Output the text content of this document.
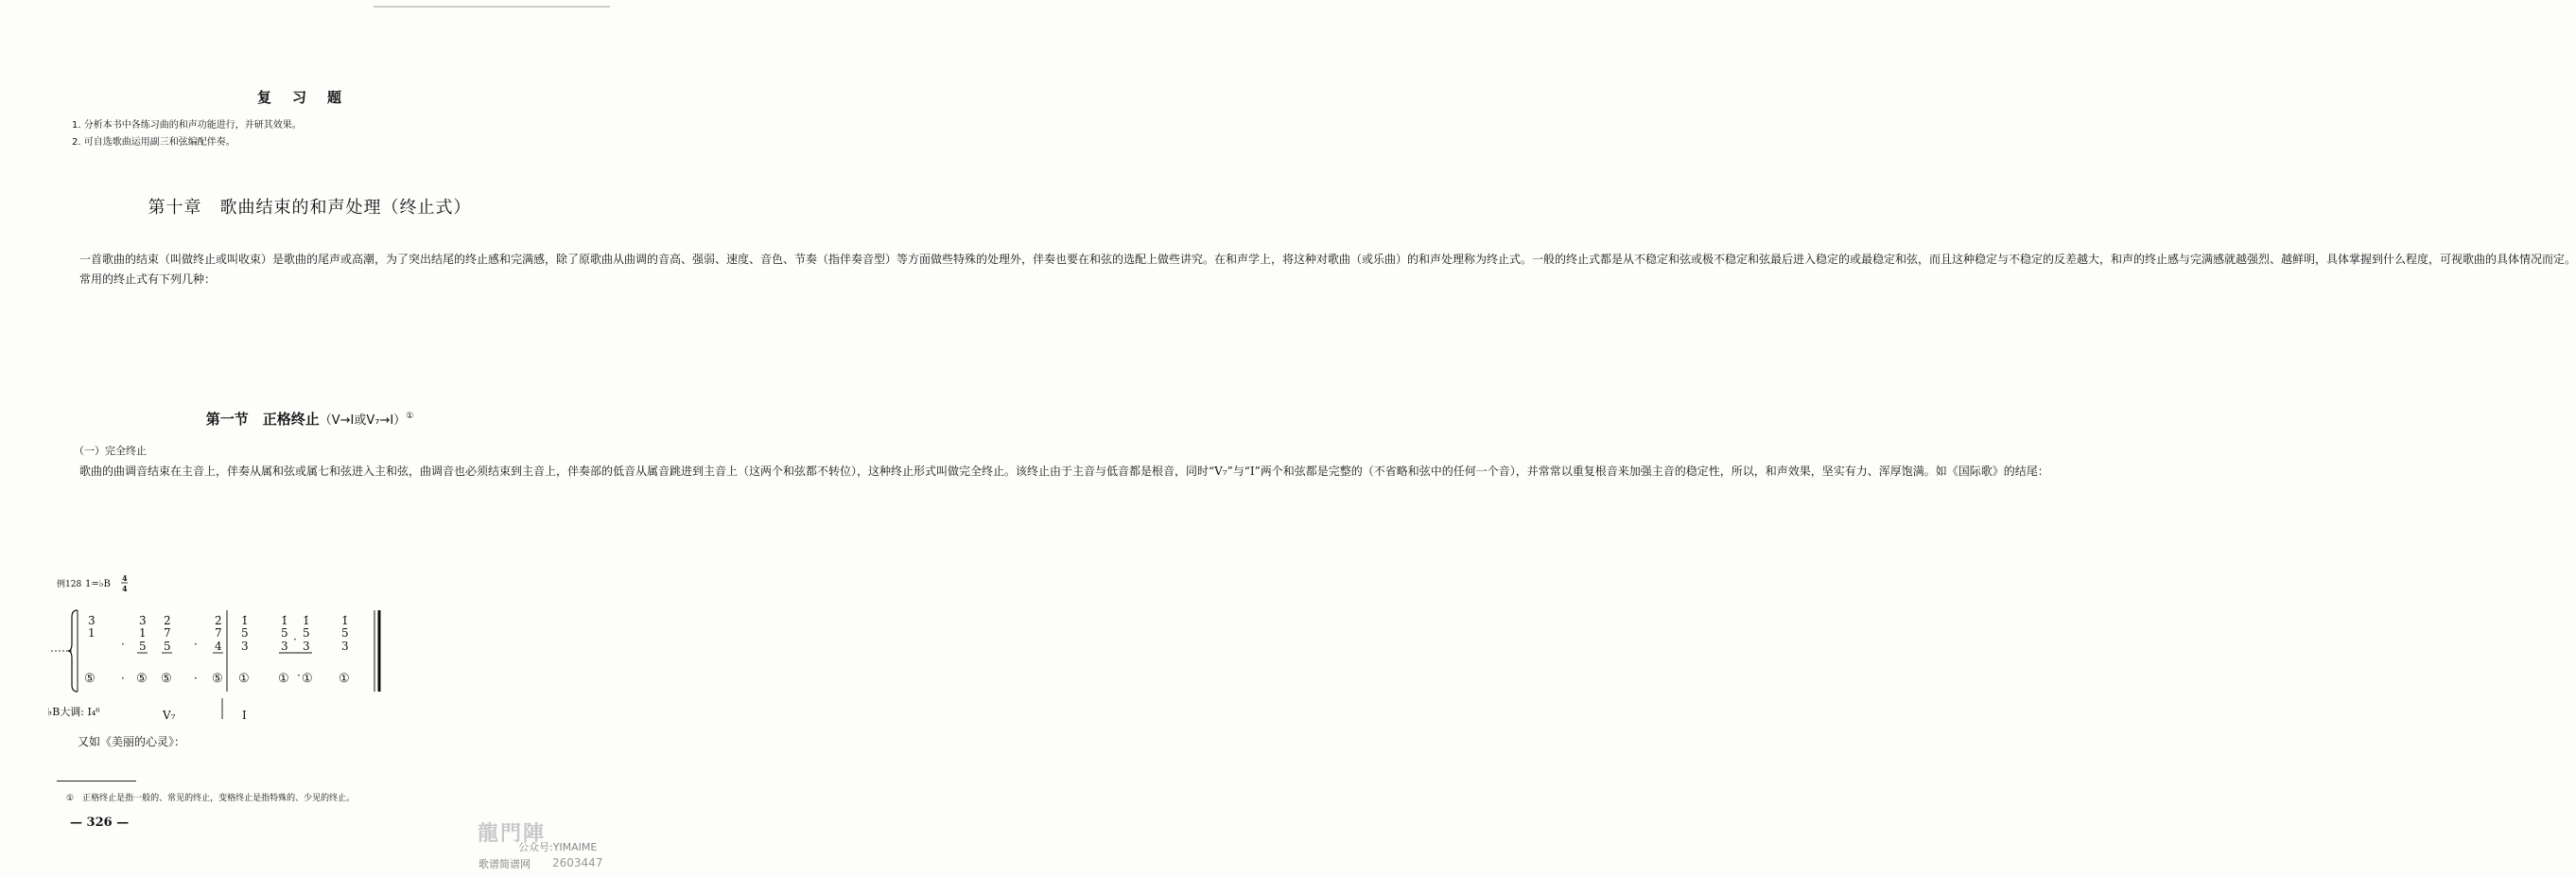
复习题
1. 分析本书中各练习曲的和声功能进行，并研其效果。
2. 可自选歌曲运用副三和弦编配伴奏。
第十章　歌曲结束的和声处理（终止式）

一首歌曲的结束（叫做终止或叫收束）是歌曲的尾声或高潮，为了突出结尾的终止感和完满感，除了原歌曲从曲调的音高、强弱、速度、音色、节奏（指伴奏音型）等方面做些特殊的处理外，伴奏也要在和弦的选配上做些讲究。在和声学上，将这种对歌曲（或乐曲）的和声处理称为终止式。一般的终止式都是从不稳定和弦或极不稳定和弦最后进入稳定的或最稳定和弦，而且这种稳定与不稳定的反差越大，和声的终止感与完满感就越强烈、越鲜明，具体掌握到什么程度，可视歌曲的具体情况而定。

常用的终止式有下列几种：

第一节　正格终止（V→Ⅰ或V₇→Ⅰ）①
（一）完全终止

歌曲的曲调音结束在主音上，伴奏从属和弦或属七和弦进入主和弦，曲调音也必须结束到主音上，伴奏部的低音从属音跳进到主音上（这两个和弦都不转位），这种终止形式叫做完全终止。该终止由于主音与低音都是根音，同时“V₇”与“Ⅰ”两个和弦都是完整的（不省略和弦中的任何一个音），并常常以重复根音来加强主音的稳定性，所以，和声效果，坚实有力、浑厚饱满。如《国际歌》的结尾：

例128 1=♭B
4
4
3̇
·
3̇ 2̇
·
2̇ 1̇	1̇ 1̇	1̇
1	1 7	7 5	5 5	5
5 5	4 3	3 3	3
·
⑤ · ⑤ ⑤ · ⑤ ① ① · ① ①
♭B大调: Ⅰ₄⁶	V₇	Ⅰ
又如《美丽的心灵》：
①　正格终止是指一般的、常见的终止，变格终止是指特殊的、少见的终止。
— 326 —	龍門陣
公众号:YIMAIME
歌谱简谱网 2603447
